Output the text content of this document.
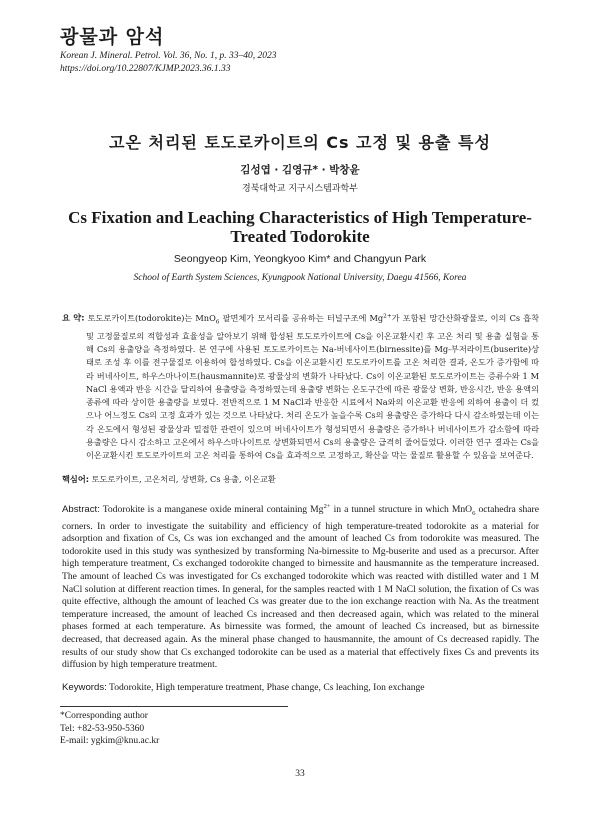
광물과 암석
Korean J. Mineral. Petrol. Vol. 36, No. 1, p. 33–40, 2023
https://doi.org/10.22807/KJMP.2023.36.1.33
고온 처리된 토도로카이트의 Cs 고정 및 용출 특성
김성엽 · 김영규* · 박창윤
경북대학교 지구시스템과학부
Cs Fixation and Leaching Characteristics of High Temperature-Treated Todorokite
Seongyeop Kim, Yeongkyoo Kim* and Changyun Park
School of Earth System Sciences, Kyungpook National University, Daegu 41566, Korea
요 약: 토도로카이트(todorokite)는 MnO$_6$ 팔면체가 모서리를 공유하는 터널구조에 $Mg^{2+}$가 포함된 망간산화광물로, 이의 Cs 흡착 및 고정물질로의 적합성과 효율성을 알아보기 위해 합성된 토도로카이트에 Cs을 이온교환시킨 후 고온 처리 및 용출 실험을 통해 Cs의 용출양을 측정하였다. 본 연구에 사용된 토도로카이트는 Na-버네사이트(birnessite)를 Mg-부저라이트(buserite)상태로 조성 후 이를 전구물질로 이용하여 합성하였다. Cs을 이온교환시킨 토도로카이트를 고온 처리한 결과, 온도가 증가함에 따라 버네사이트, 하우스마나이트(hausmannite)로 광물상의 변화가 나타났다. Cs이 이온교환된 토도로카이트는 증류수와 1 M NaCl 용액과 반응 시간을 달리하여 용출량을 측정하였는데 용출량 변화는 온도구간에 따른 광물상 변화, 반응시간, 반응 용액의 종류에 따라 상이한 용출량을 보였다. 전반적으로 1 M NaCl과 반응한 시료에서 Na와의 이온교환 반응에 의하여 용출이 더 컸으나 어느정도 Cs의 고정 효과가 있는 것으로 나타났다. 처리 온도가 높을수록 Cs의 용출량은 증가하다 다시 감소하였는데 이는 각 온도에서 형성된 광물상과 밀접한 관련이 있으며 버네사이트가 형성되면서 용출량은 증가하나 버네사이트가 감소함에 따라 용출량은 다시 감소하고 고온에서 하우스마나이트로 상변화되면서 Cs의 용출량은 급격히 줄어들었다. 이러한 연구 결과는 Cs을 이온교환시킨 토도로카이트의 고온 처리를 통하여 Cs을 효과적으로 고정하고, 확산을 막는 물질로 활용할 수 있음을 보여준다.
핵심어: 토도로카이트, 고온처리, 상변화, Cs 용출, 이온교환
Abstract: Todorokite is a manganese oxide mineral containing $Mg^{2+}$ in a tunnel structure in which MnO$_6$ octahedra share corners. In order to investigate the suitability and efficiency of high temperature-treated todorokite as a material for adsorption and fixation of Cs, Cs was ion exchanged and the amount of leached Cs from todorokite was measured. The todorokite used in this study was synthesized by transforming Na-birnessite to Mg-buserite and used as a precursor. After high temperature treatment, Cs exchanged todorokite changed to birnessite and hausmannite as the temperature increased. The amount of leached Cs was investigated for Cs exchanged todorokite which was reacted with distilled water and 1 M NaCl solution at different reaction times. In general, for the samples reacted with 1 M NaCl solution, the fixation of Cs was quite effective, although the amount of leached Cs was greater due to the ion exchange reaction with Na. As the treatment temperature increased, the amount of leached Cs increased and then decreased again, which was related to the mineral phases formed at each temperature. As birnessite was formed, the amount of leached Cs increased, but as birnessite decreased, that decreased again. As the mineral phase changed to hausmannite, the amount of Cs decreased rapidly. The results of our study show that Cs exchanged todorokite can be used as a material that effectively fixes Cs and prevents its diffusion by high temperature treatment.
Keywords: Todorokite, High temperature treatment, Phase change, Cs leaching, Ion exchange
*Corresponding author
Tel: +82-53-950-5360
E-mail: ygkim@knu.ac.kr
33
